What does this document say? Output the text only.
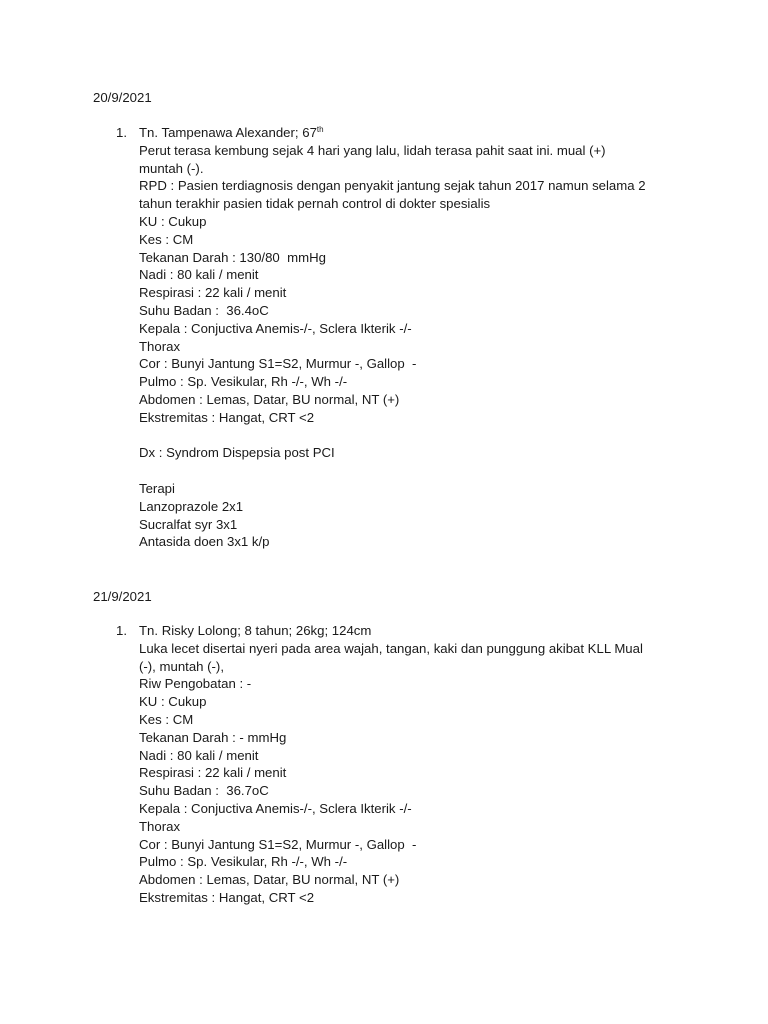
20/9/2021
1. Tn. Tampenawa Alexander; 67th
Perut terasa kembung sejak 4 hari yang lalu, lidah terasa pahit saat ini. mual (+)
muntah (-).
RPD : Pasien terdiagnosis dengan penyakit jantung sejak tahun 2017 namun selama 2
tahun terakhir pasien tidak pernah control di dokter spesialis
KU : Cukup
Kes : CM
Tekanan Darah : 130/80  mmHg
Nadi : 80 kali / menit
Respirasi : 22 kali / menit
Suhu Badan :  36.4oC
Kepala : Conjuctiva Anemis-/-, Sclera Ikterik -/-
Thorax
Cor : Bunyi Jantung S1=S2, Murmur -, Gallop  -
Pulmo : Sp. Vesikular, Rh -/-, Wh -/-
Abdomen : Lemas, Datar, BU normal, NT (+)
Ekstremitas : Hangat, CRT <2
Dx : Syndrom Dispepsia post PCI
Terapi
Lanzoprazole 2x1
Sucralfat syr 3x1
Antasida doen 3x1 k/p
21/9/2021
1. Tn. Risky Lolong; 8 tahun; 26kg; 124cm
Luka lecet disertai nyeri pada area wajah, tangan, kaki dan punggung akibat KLL Mual
(-), muntah (-),
Riw Pengobatan : -
KU : Cukup
Kes : CM
Tekanan Darah : - mmHg
Nadi : 80 kali / menit
Respirasi : 22 kali / menit
Suhu Badan :  36.7oC
Kepala : Conjuctiva Anemis-/-, Sclera Ikterik -/-
Thorax
Cor : Bunyi Jantung S1=S2, Murmur -, Gallop  -
Pulmo : Sp. Vesikular, Rh -/-, Wh -/-
Abdomen : Lemas, Datar, BU normal, NT (+)
Ekstremitas : Hangat, CRT <2
